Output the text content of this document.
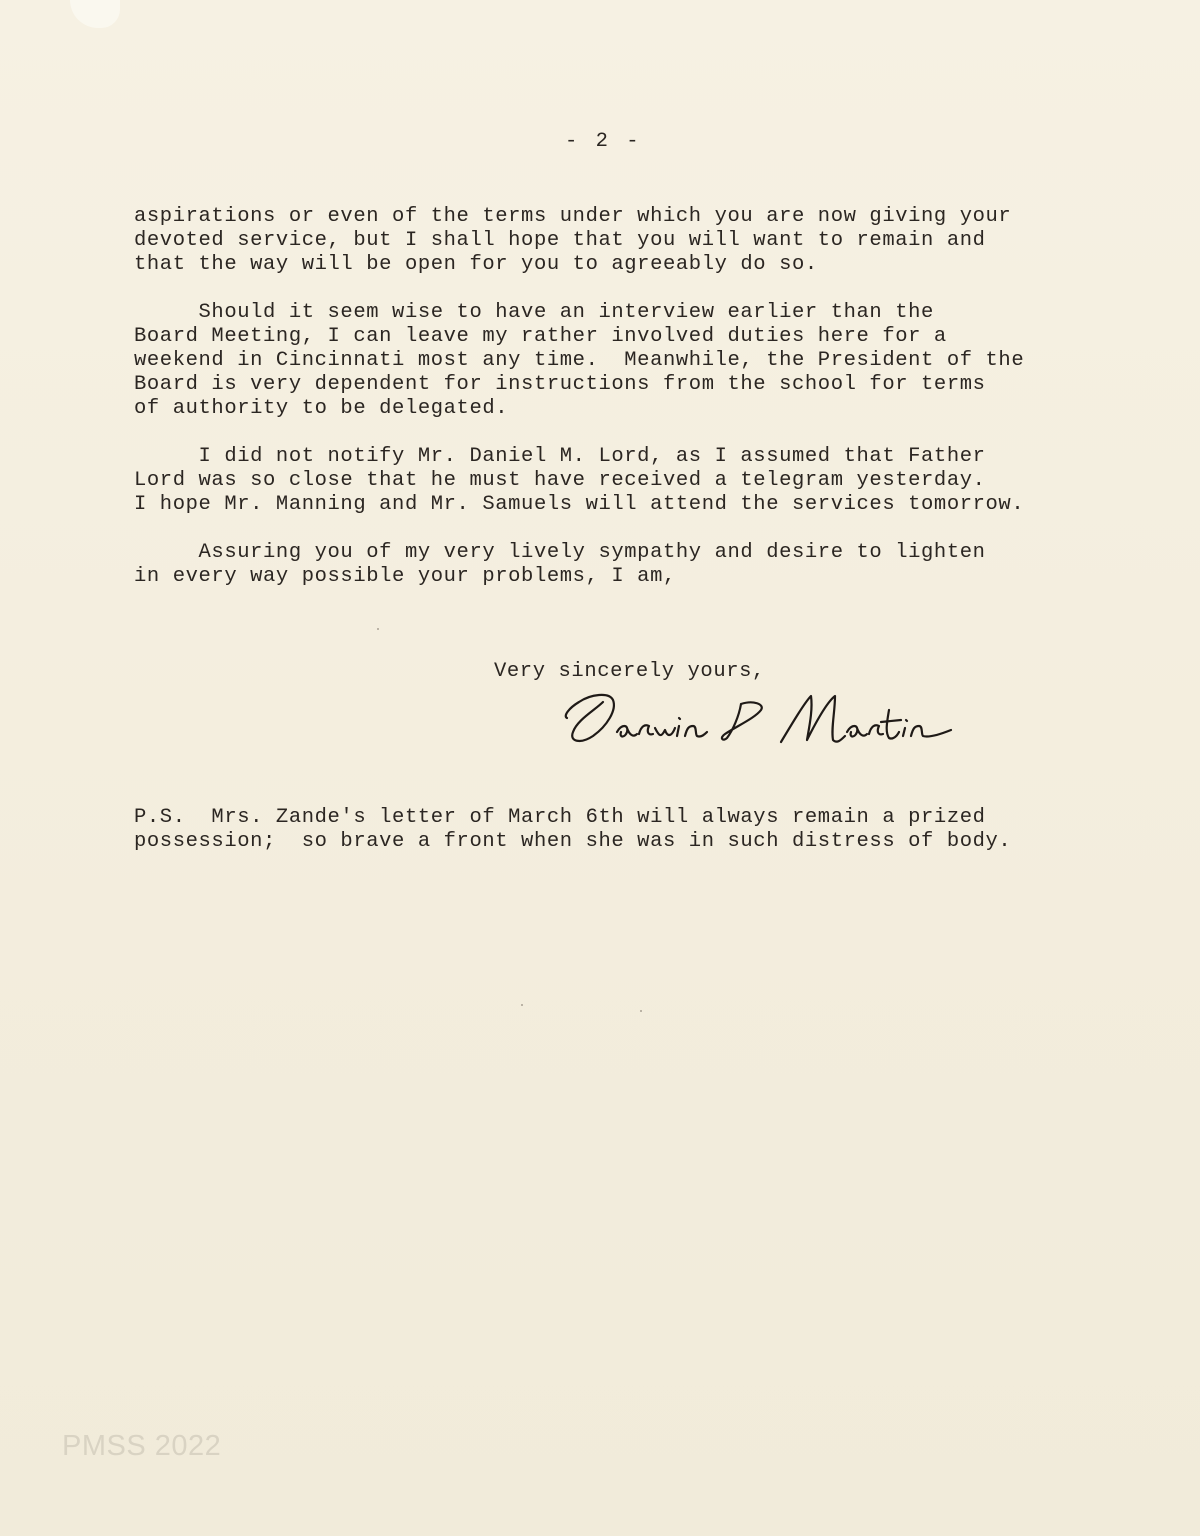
- 2 -
aspirations or even of the terms under which you are now giving your
devoted service, but I shall hope that you will want to remain and
that the way will be open for you to agreeably do so.
Should it seem wise to have an interview earlier than the
Board Meeting, I can leave my rather involved duties here for a
weekend in Cincinnati most any time.  Meanwhile, the President of the
Board is very dependent for instructions from the school for terms
of authority to be delegated.
I did not notify Mr. Daniel M. Lord, as I assumed that Father
Lord was so close that he must have received a telegram yesterday.
I hope Mr. Manning and Mr. Samuels will attend the services tomorrow.
Assuring you of my very lively sympathy and desire to lighten
in every way possible your problems, I am,
Very sincerely yours,
P.S.  Mrs. Zande's letter of March 6th will always remain a prized
possession;  so brave a front when she was in such distress of body.
PMSS 2022
